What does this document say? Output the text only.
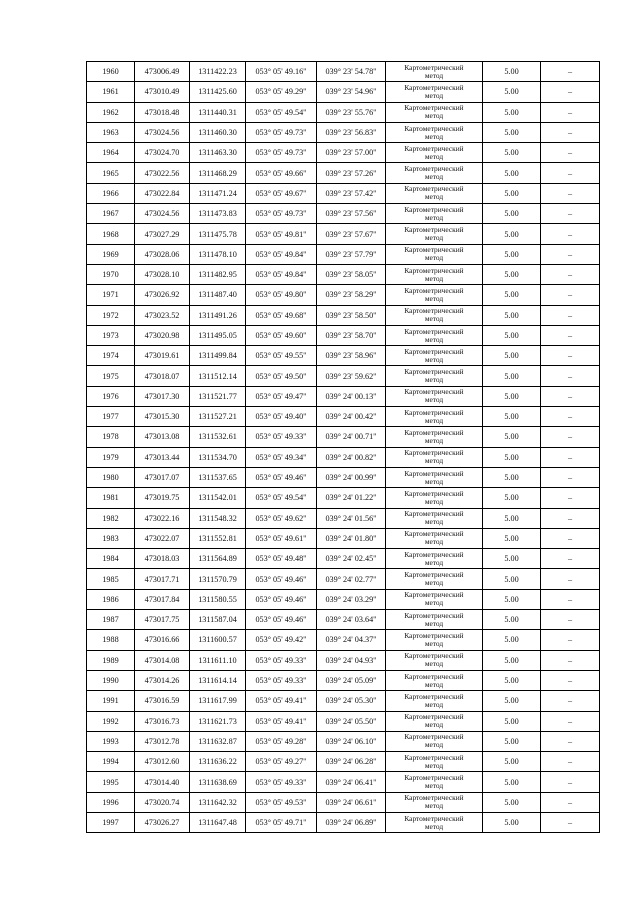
1960	473006.49	1311422.23	053° 05' 49.16"	039° 23' 54.78"	Картометрический
метод	5.00	–
1961	473010.49	1311425.60	053° 05' 49.29"	039° 23' 54.96"	Картометрический
метод	5.00	–
1962	473018.48	1311440.31	053° 05' 49.54"	039° 23' 55.76"	Картометрический
метод	5.00	–
1963	473024.56	1311460.30	053° 05' 49.73"	039° 23' 56.83"	Картометрический
метод	5.00	–
1964	473024.70	1311463.30	053° 05' 49.73"	039° 23' 57.00"	Картометрический
метод	5.00	–
1965	473022.56	1311468.29	053° 05' 49.66"	039° 23' 57.26"	Картометрический
метод	5.00	–
1966	473022.84	1311471.24	053° 05' 49.67"	039° 23' 57.42"	Картометрический
метод	5.00	–
1967	473024.56	1311473.83	053° 05' 49.73"	039° 23' 57.56"	Картометрический
метод	5.00	–
1968	473027.29	1311475.78	053° 05' 49.81"	039° 23' 57.67"	Картометрический
метод	5.00	–
1969	473028.06	1311478.10	053° 05' 49.84"	039° 23' 57.79"	Картометрический
метод	5.00	–
1970	473028.10	1311482.95	053° 05' 49.84"	039° 23' 58.05"	Картометрический
метод	5.00	–
1971	473026.92	1311487.40	053° 05' 49.80"	039° 23' 58.29"	Картометрический
метод	5.00	–
1972	473023.52	1311491.26	053° 05' 49.68"	039° 23' 58.50"	Картометрический
метод	5.00	–
1973	473020.98	1311495.05	053° 05' 49.60"	039° 23' 58.70"	Картометрический
метод	5.00	–
1974	473019.61	1311499.84	053° 05' 49.55"	039° 23' 58.96"	Картометрический
метод	5.00	–
1975	473018.07	1311512.14	053° 05' 49.50"	039° 23' 59.62"	Картометрический
метод	5.00	–
1976	473017.30	1311521.77	053° 05' 49.47"	039° 24' 00.13"	Картометрический
метод	5.00	–
1977	473015.30	1311527.21	053° 05' 49.40"	039° 24' 00.42"	Картометрический
метод	5.00	–
1978	473013.08	1311532.61	053° 05' 49.33"	039° 24' 00.71"	Картометрический
метод	5.00	–
1979	473013.44	1311534.70	053° 05' 49.34"	039° 24' 00.82"	Картометрический
метод	5.00	–
1980	473017.07	1311537.65	053° 05' 49.46"	039° 24' 00.99"	Картометрический
метод	5.00	–
1981	473019.75	1311542.01	053° 05' 49.54"	039° 24' 01.22"	Картометрический
метод	5.00	–
1982	473022.16	1311548.32	053° 05' 49.62"	039° 24' 01.56"	Картометрический
метод	5.00	–
1983	473022.07	1311552.81	053° 05' 49.61"	039° 24' 01.80"	Картометрический
метод	5.00	–
1984	473018.03	1311564.89	053° 05' 49.48"	039° 24' 02.45"	Картометрический
метод	5.00	–
1985	473017.71	1311570.79	053° 05' 49.46"	039° 24' 02.77"	Картометрический
метод	5.00	–
1986	473017.84	1311580.55	053° 05' 49.46"	039° 24' 03.29"	Картометрический
метод	5.00	–
1987	473017.75	1311587.04	053° 05' 49.46"	039° 24' 03.64"	Картометрический
метод	5.00	–
1988	473016.66	1311600.57	053° 05' 49.42"	039° 24' 04.37"	Картометрический
метод	5.00	–
1989	473014.08	1311611.10	053° 05' 49.33"	039° 24' 04.93"	Картометрический
метод	5.00	–
1990	473014.26	1311614.14	053° 05' 49.33"	039° 24' 05.09"	Картометрический
метод	5.00	–
1991	473016.59	1311617.99	053° 05' 49.41"	039° 24' 05.30"	Картометрический
метод	5.00	–
1992	473016.73	1311621.73	053° 05' 49.41"	039° 24' 05.50"	Картометрический
метод	5.00	–
1993	473012.78	1311632.87	053° 05' 49.28"	039° 24' 06.10"	Картометрический
метод	5.00	–
1994	473012.60	1311636.22	053° 05' 49.27"	039° 24' 06.28"	Картометрический
метод	5.00	–
1995	473014.40	1311638.69	053° 05' 49.33"	039° 24' 06.41"	Картометрический
метод	5.00	–
1996	473020.74	1311642.32	053° 05' 49.53"	039° 24' 06.61"	Картометрический
метод	5.00	–
1997	473026.27	1311647.48	053° 05' 49.71"	039° 24' 06.89"	Картометрический
метод	5.00	–
